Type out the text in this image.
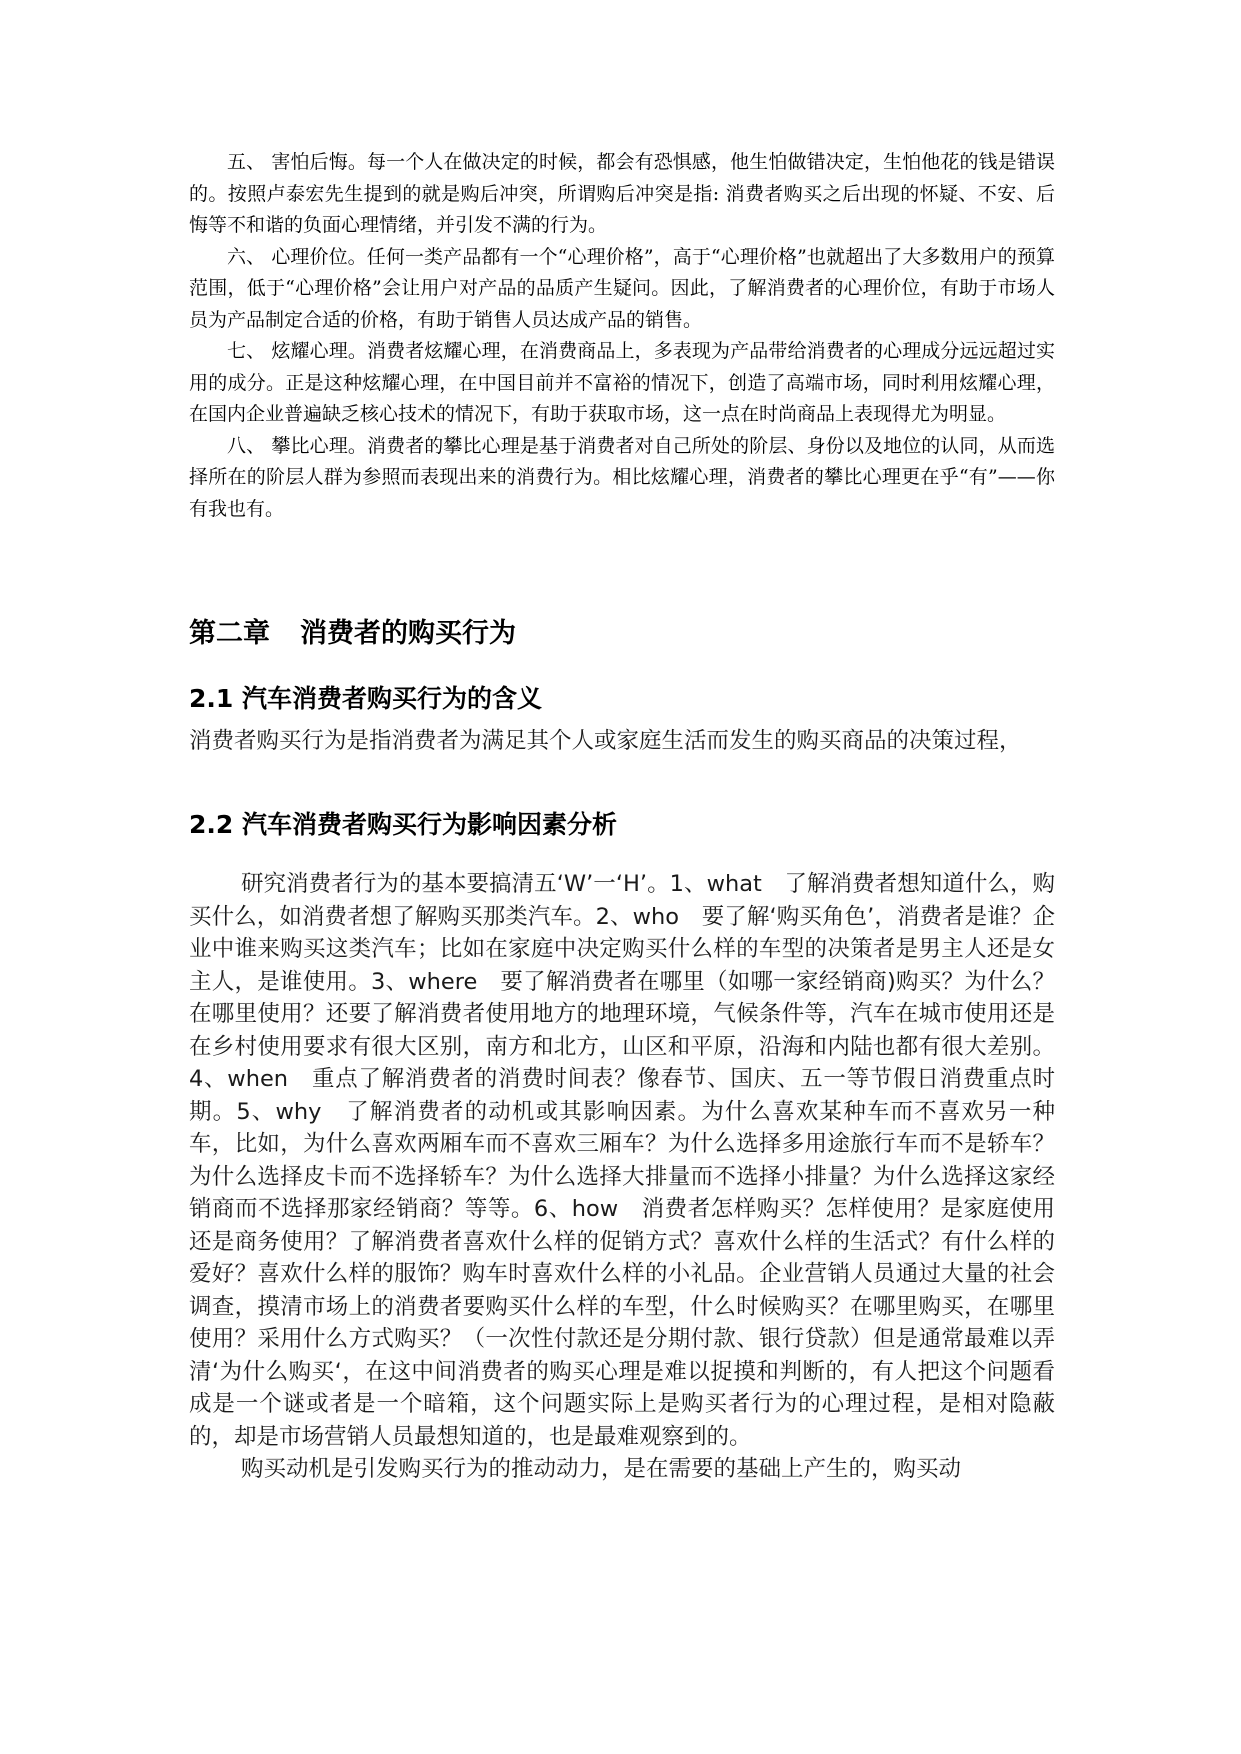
五、 害怕后悔。每一个人在做决定的时候，都会有恐惧感，他生怕做错决定，生怕他花的钱是错误的。按照卢泰宏先生提到的就是购后冲突，所谓购后冲突是指: 消费者购买之后出现的怀疑、不安、后悔等不和谐的负面心理情绪，并引发不满的行为。

六、 心理价位。任何一类产品都有一个“心理价格”，高于“心理价格”也就超出了大多数用户的预算范围，低于“心理价格”会让用户对产品的品质产生疑问。因此，了解消费者的心理价位，有助于市场人员为产品制定合适的价格，有助于销售人员达成产品的销售。

七、 炫耀心理。消费者炫耀心理，在消费商品上，多表现为产品带给消费者的心理成分远远超过实用的成分。正是这种炫耀心理，在中国目前并不富裕的情况下，创造了高端市场，同时利用炫耀心理，在国内企业普遍缺乏核心技术的情况下，有助于获取市场，这一点在时尚商品上表现得尤为明显。

八、 攀比心理。消费者的攀比心理是基于消费者对自己所处的阶层、身份以及地位的认同，从而选择所在的阶层人群为参照而表现出来的消费行为。相比炫耀心理，消费者的攀比心理更在乎“有”——你有我也有。

第二章 消费者的购买行为
2.1 汽车消费者购买行为的含义

消费者购买行为是指消费者为满足其个人或家庭生活而发生的购买商品的决策过程，

2.2 汽车消费者购买行为影响因素分析

研究消费者行为的基本要搞清五‘W’一‘H’。1、what　了解消费者想知道什么，购买什么，如消费者想了解购买那类汽车。2、who　要了解‘购买角色’，消费者是谁？企业中谁来购买这类汽车；比如在家庭中决定购买什么样的车型的决策者是男主人还是女主人，是谁使用。3、where　要了解消费者在哪里（如哪一家经销商)购买？为什么？在哪里使用？还要了解消费者使用地方的地理环境，气候条件等，汽车在城市使用还是在乡村使用要求有很大区别，南方和北方，山区和平原，沿海和内陆也都有很大差别。4、when　重点了解消费者的消费时间表？像春节、国庆、五一等节假日消费重点时期。5、why　了解消费者的动机或其影响因素。为什么喜欢某种车而不喜欢另一种车，比如，为什么喜欢两厢车而不喜欢三厢车？为什么选择多用途旅行车而不是轿车？为什么选择皮卡而不选择轿车？为什么选择大排量而不选择小排量？为什么选择这家经销商而不选择那家经销商？等等。6、how　消费者怎样购买？怎样使用？是家庭使用还是商务使用？了解消费者喜欢什么样的促销方式？喜欢什么样的生活式？有什么样的爱好？喜欢什么样的服饰？购车时喜欢什么样的小礼品。企业营销人员通过大量的社会调查，摸清市场上的消费者要购买什么样的车型，什么时候购买？在哪里购买，在哪里使用？采用什么方式购买？（一次性付款还是分期付款、银行贷款）但是通常最难以弄清‘为什么购买‘，在这中间消费者的购买心理是难以捉摸和判断的，有人把这个问题看成是一个谜或者是一个暗箱，这个问题实际上是购买者行为的心理过程，是相对隐蔽的，却是市场营销人员最想知道的，也是最难观察到的。

购买动机是引发购买行为的推动动力，是在需要的基础上产生的，购买动
